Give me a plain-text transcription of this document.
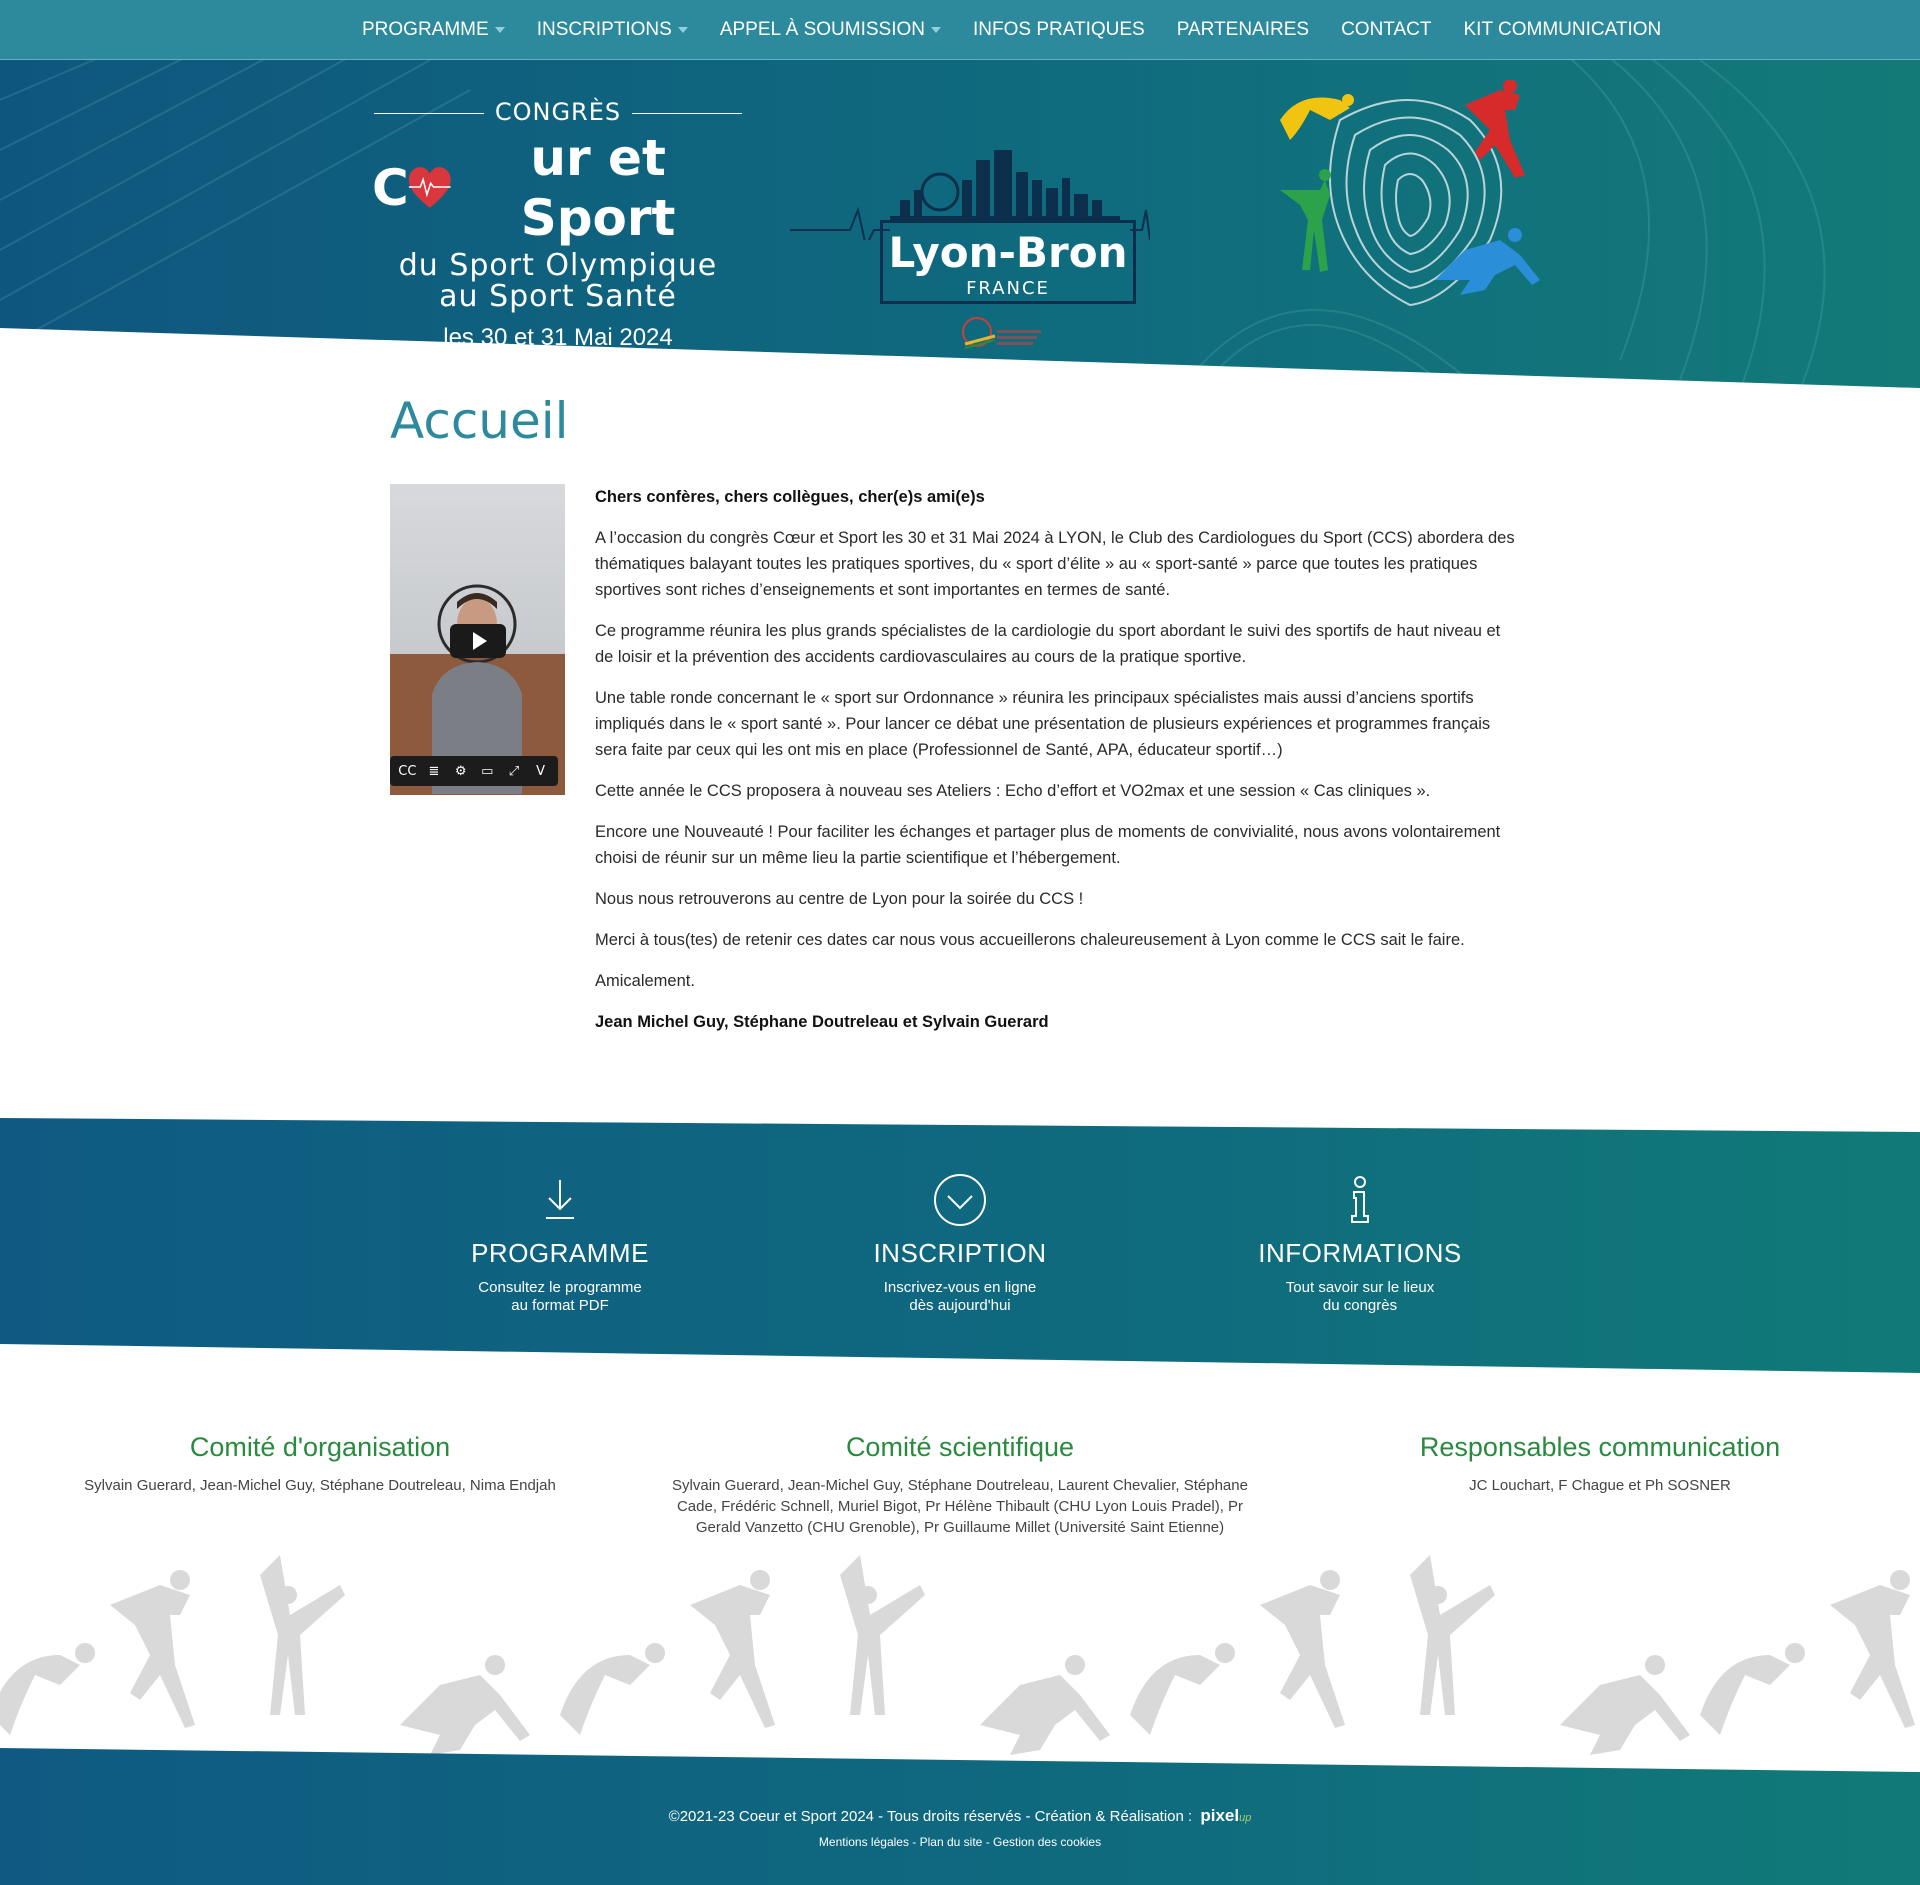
PROGRAMME	INSCRIPTIONS	APPEL À SOUMISSION	INFOS PRATIQUES PARTENAIRES CONTACT KIT COMMUNICATION
CONGRÈS
C
ur et Sport
du Sport Olympique
au Sport Santé
les 30 et 31 Mai 2024
Lyon-Bron
FRANCE
Accueil
CC ≣	⚙	▭	⤢	V

Chers confères, chers collègues, cher(e)s ami(e)s

A l’occasion du congrès Cœur et Sport les 30 et 31 Mai 2024 à LYON, le Club des Cardiologues du Sport (CCS) abordera des thématiques balayant toutes les pratiques sportives, du « sport d’élite » au « sport-santé » parce que toutes les pratiques sportives sont riches d’enseignements et sont importantes en termes de santé.

Ce programme réunira les plus grands spécialistes de la cardiologie du sport abordant le suivi des sportifs de haut niveau et de loisir et la prévention des accidents cardiovasculaires au cours de la pratique sportive.

Une table ronde concernant le « sport sur Ordonnance » réunira les principaux spécialistes mais aussi d’anciens sportifs impliqués dans le « sport santé ». Pour lancer ce débat une présentation de plusieurs expériences et programmes français sera faite par ceux qui les ont mis en place (Professionnel de Santé, APA, éducateur sportif…)

Cette année le CCS proposera à nouveau ses Ateliers : Echo d’effort et VO2max et une session « Cas cliniques ».

Encore une Nouveauté ! Pour faciliter les échanges et partager plus de moments de convivialité, nous avons volontairement choisi de réunir sur un même lieu la partie scientifique et l’hébergement.

Nous nous retrouverons au centre de Lyon pour la soirée du CCS !

Merci à tous(tes) de retenir ces dates car nous vous accueillerons chaleureusement à Lyon comme le CCS sait le faire.

Amicalement.

Jean Michel Guy, Stéphane Doutreleau et Sylvain Guerard

PROGRAMME
Consultez le programme
au format PDF
INSCRIPTION
Inscrivez-vous en ligne
dès aujourd'hui
INFORMATIONS
Tout savoir sur le lieux
du congrès
Comité d'organisation

Sylvain Guerard, Jean-Michel Guy, Stéphane Doutreleau, Nima Endjah

Comité scientifique

Sylvain Guerard, Jean-Michel Guy, Stéphane Doutreleau, Laurent Chevalier, Stéphane Cade, Frédéric Schnell, Muriel Bigot, Pr Hélène Thibault (CHU Lyon Louis Pradel), Pr Gerald Vanzetto (CHU Grenoble), Pr Guillaume Millet (Université Saint Etienne)

Responsables communication

JC Louchart, F Chague et Ph SOSNER

©2021-23 Coeur et Sport 2024 - Tous droits réservés - Création & Réalisation : pixelup
Mentions légales - Plan du site - Gestion des cookies
